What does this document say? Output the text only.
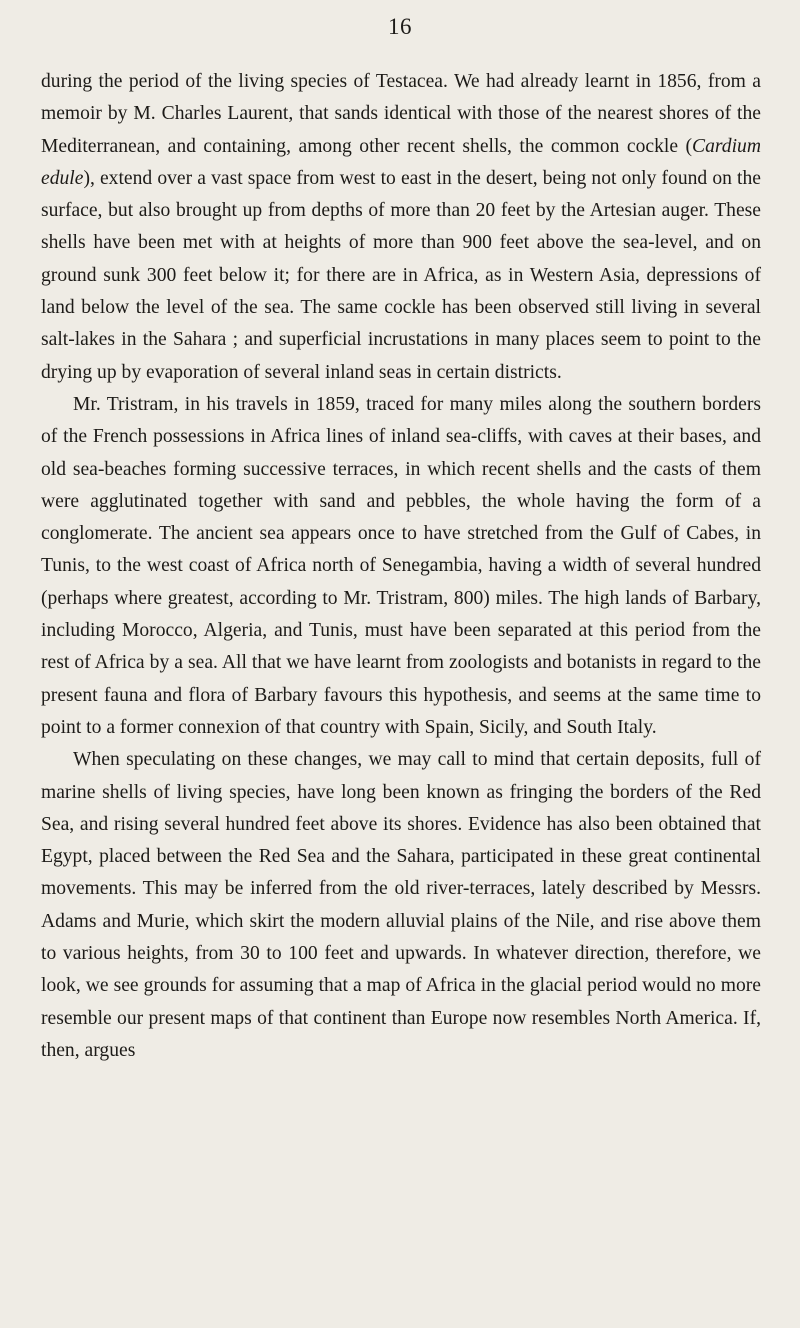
16

during the period of the living species of Testacea. We had already learnt in 1856, from a memoir by M. Charles Laurent, that sands identical with those of the nearest shores of the Mediterranean, and containing, among other recent shells, the common cockle (Cardium edule), extend over a vast space from west to east in the desert, being not only found on the surface, but also brought up from depths of more than 20 feet by the Artesian auger. These shells have been met with at heights of more than 900 feet above the sea-level, and on ground sunk 300 feet below it; for there are in Africa, as in Western Asia, depressions of land below the level of the sea. The same cockle has been observed still living in several salt-lakes in the Sahara ; and superficial incrustations in many places seem to point to the drying up by evaporation of several inland seas in certain districts.

Mr. Tristram, in his travels in 1859, traced for many miles along the southern borders of the French possessions in Africa lines of inland sea-cliffs, with caves at their bases, and old sea-beaches forming successive terraces, in which recent shells and the casts of them were agglutinated together with sand and pebbles, the whole having the form of a conglomerate. The ancient sea appears once to have stretched from the Gulf of Cabes, in Tunis, to the west coast of Africa north of Senegambia, having a width of several hundred (perhaps where greatest, according to Mr. Tristram, 800) miles. The high lands of Barbary, including Morocco, Algeria, and Tunis, must have been separated at this period from the rest of Africa by a sea. All that we have learnt from zoologists and botanists in regard to the present fauna and flora of Barbary favours this hypothesis, and seems at the same time to point to a former connexion of that country with Spain, Sicily, and South Italy.

When speculating on these changes, we may call to mind that certain deposits, full of marine shells of living species, have long been known as fringing the borders of the Red Sea, and rising several hundred feet above its shores. Evidence has also been obtained that Egypt, placed between the Red Sea and the Sahara, participated in these great continental movements. This may be inferred from the old river-terraces, lately described by Messrs. Adams and Murie, which skirt the modern alluvial plains of the Nile, and rise above them to various heights, from 30 to 100 feet and upwards. In whatever direction, therefore, we look, we see grounds for assuming that a map of Africa in the glacial period would no more resemble our present maps of that continent than Europe now resembles North America. If, then, argues
